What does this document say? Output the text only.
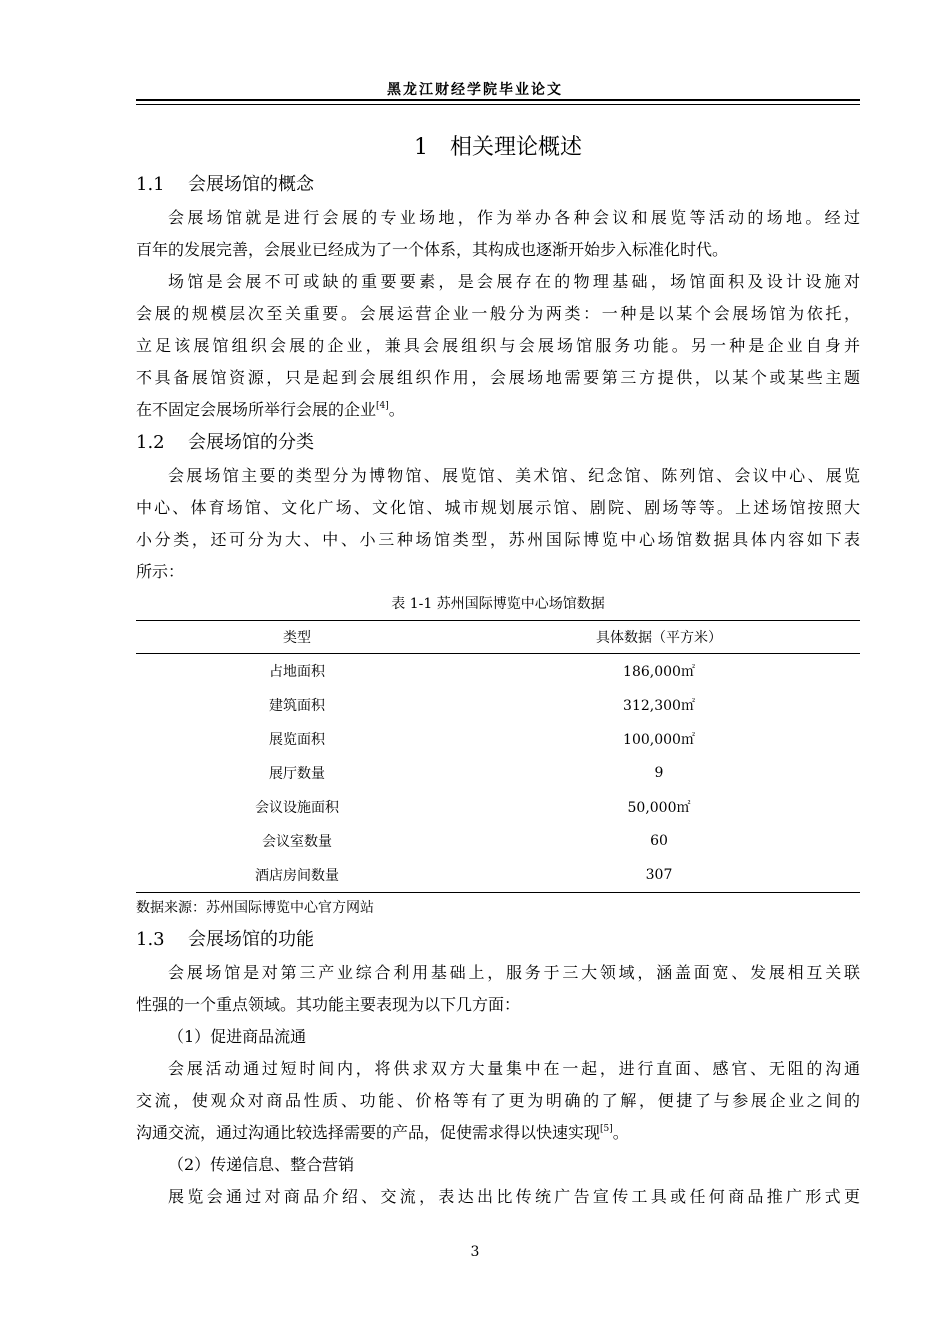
黑龙江财经学院毕业论文
1 相关理论概述
1.1 会展场馆的概念

会展场馆就是进行会展的专业场地，作为举办各种会议和展览等活动的场地。经过
百年的发展完善，会展业已经成为了一个体系，其构成也逐渐开始步入标准化时代。

场馆是会展不可或缺的重要要素，是会展存在的物理基础，场馆面积及设计设施对
会展的规模层次至关重要。会展运营企业一般分为两类：一种是以某个会展场馆为依托，
立足该展馆组织会展的企业，兼具会展组织与会展场馆服务功能。另一种是企业自身并
不具备展馆资源，只是起到会展组织作用，会展场地需要第三方提供，以某个或某些主题
在不固定会展场所举行会展的企业[4]。

1.2 会展场馆的分类

会展场馆主要的类型分为博物馆、展览馆、美术馆、纪念馆、陈列馆、会议中心、展览
中心、体育场馆、文化广场、文化馆、城市规划展示馆、剧院、剧场等等。上述场馆按照大
小分类，还可分为大、中、小三种场馆类型，苏州国际博览中心场馆数据具体内容如下表
所示：

表 1-1 苏州国际博览中心场馆数据
类型	具体数据（平方米）
占地面积	186,000㎡
建筑面积	312,300㎡
展览面积	100,000㎡
展厅数量	9
会议设施面积	50,000㎡
会议室数量	60
酒店房间数量	307
数据来源：苏州国际博览中心官方网站
1.3 会展场馆的功能

会展场馆是对第三产业综合利用基础上，服务于三大领域，涵盖面宽、发展相互关联
性强的一个重点领域。其功能主要表现为以下几方面：

（1）促进商品流通

会展活动通过短时间内，将供求双方大量集中在一起，进行直面、感官、无阻的沟通
交流，使观众对商品性质、功能、价格等有了更为明确的了解，便捷了与参展企业之间的
沟通交流，通过沟通比较选择需要的产品，促使需求得以快速实现[5]。

（2）传递信息、整合营销

展览会通过对商品介绍、交流，表达出比传统广告宣传工具或任何商品推广形式更

3
